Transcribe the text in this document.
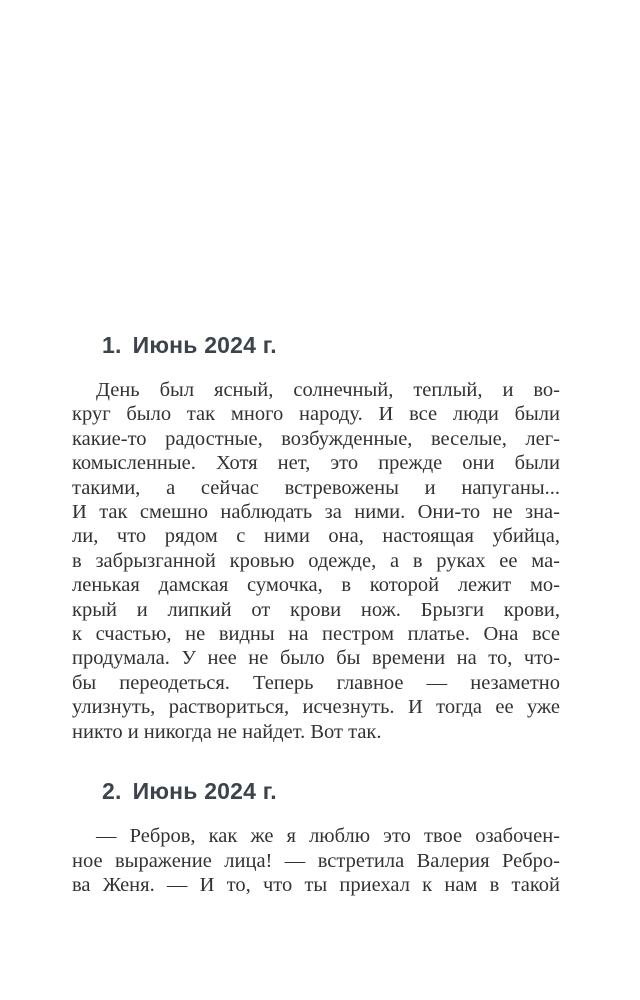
1. Июнь 2024 г.
День был ясный, солнечный, теплый, и во-
круг было так много народу. И все люди были
какие-то радостные, возбужденные, веселые, лег-
комысленные. Хотя нет, это прежде они были
такими, а сейчас встревожены и напуганы...
И так смешно наблюдать за ними. Они-то не зна-
ли, что рядом с ними она, настоящая убийца,
в забрызганной кровью одежде, а в руках ее ма-
ленькая дамская сумочка, в которой лежит мо-
крый и липкий от крови нож. Брызги крови,
к счастью, не видны на пестром платье. Она все
продумала. У нее не было бы времени на то, что-
бы переодеться. Теперь главное — незаметно
улизнуть, раствориться, исчезнуть. И тогда ее уже
никто и никогда не найдет. Вот так.
2. Июнь 2024 г.
— Ребров, как же я люблю это твое озабочен-
ное выражение лица! — встретила Валерия Ребро-
ва Женя. — И то, что ты приехал к нам в такой
